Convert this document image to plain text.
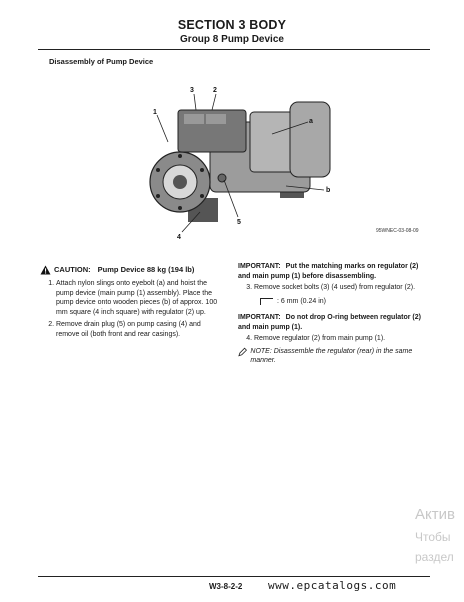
SECTION 3 BODY
Group 8 Pump Device
Disassembly of Pump Device
1
2
3
4
5
a
b
95WNEC-03-08-09
CAUTION: Pump Device 88 kg (194 lb)
1. Attach nylon slings onto eyebolt (a) and hoist the pump device (main pump (1) assembly). Place the pump device onto wooden pieces (b) of approx. 100 mm square (4 inch square) with regulator (2) up.
2. Remove drain plug (5) on pump casing (4) and remove oil (both front and rear casings).
IMPORTANT: Put the matching marks on regulator (2) and main pump (1) before disassembling.
3. Remove socket bolts (3) (4 used) from regulator (2).
: 6 mm (0.24 in)
IMPORTANT: Do not drop O-ring between regulator (2) and main pump (1).
4. Remove regulator (2) from main pump (1).
NOTE: Disassemble the regulator (rear) in the same manner.
Актив
Чтобы
раздел
W3-8-2-2 www.epcatalogs.com
